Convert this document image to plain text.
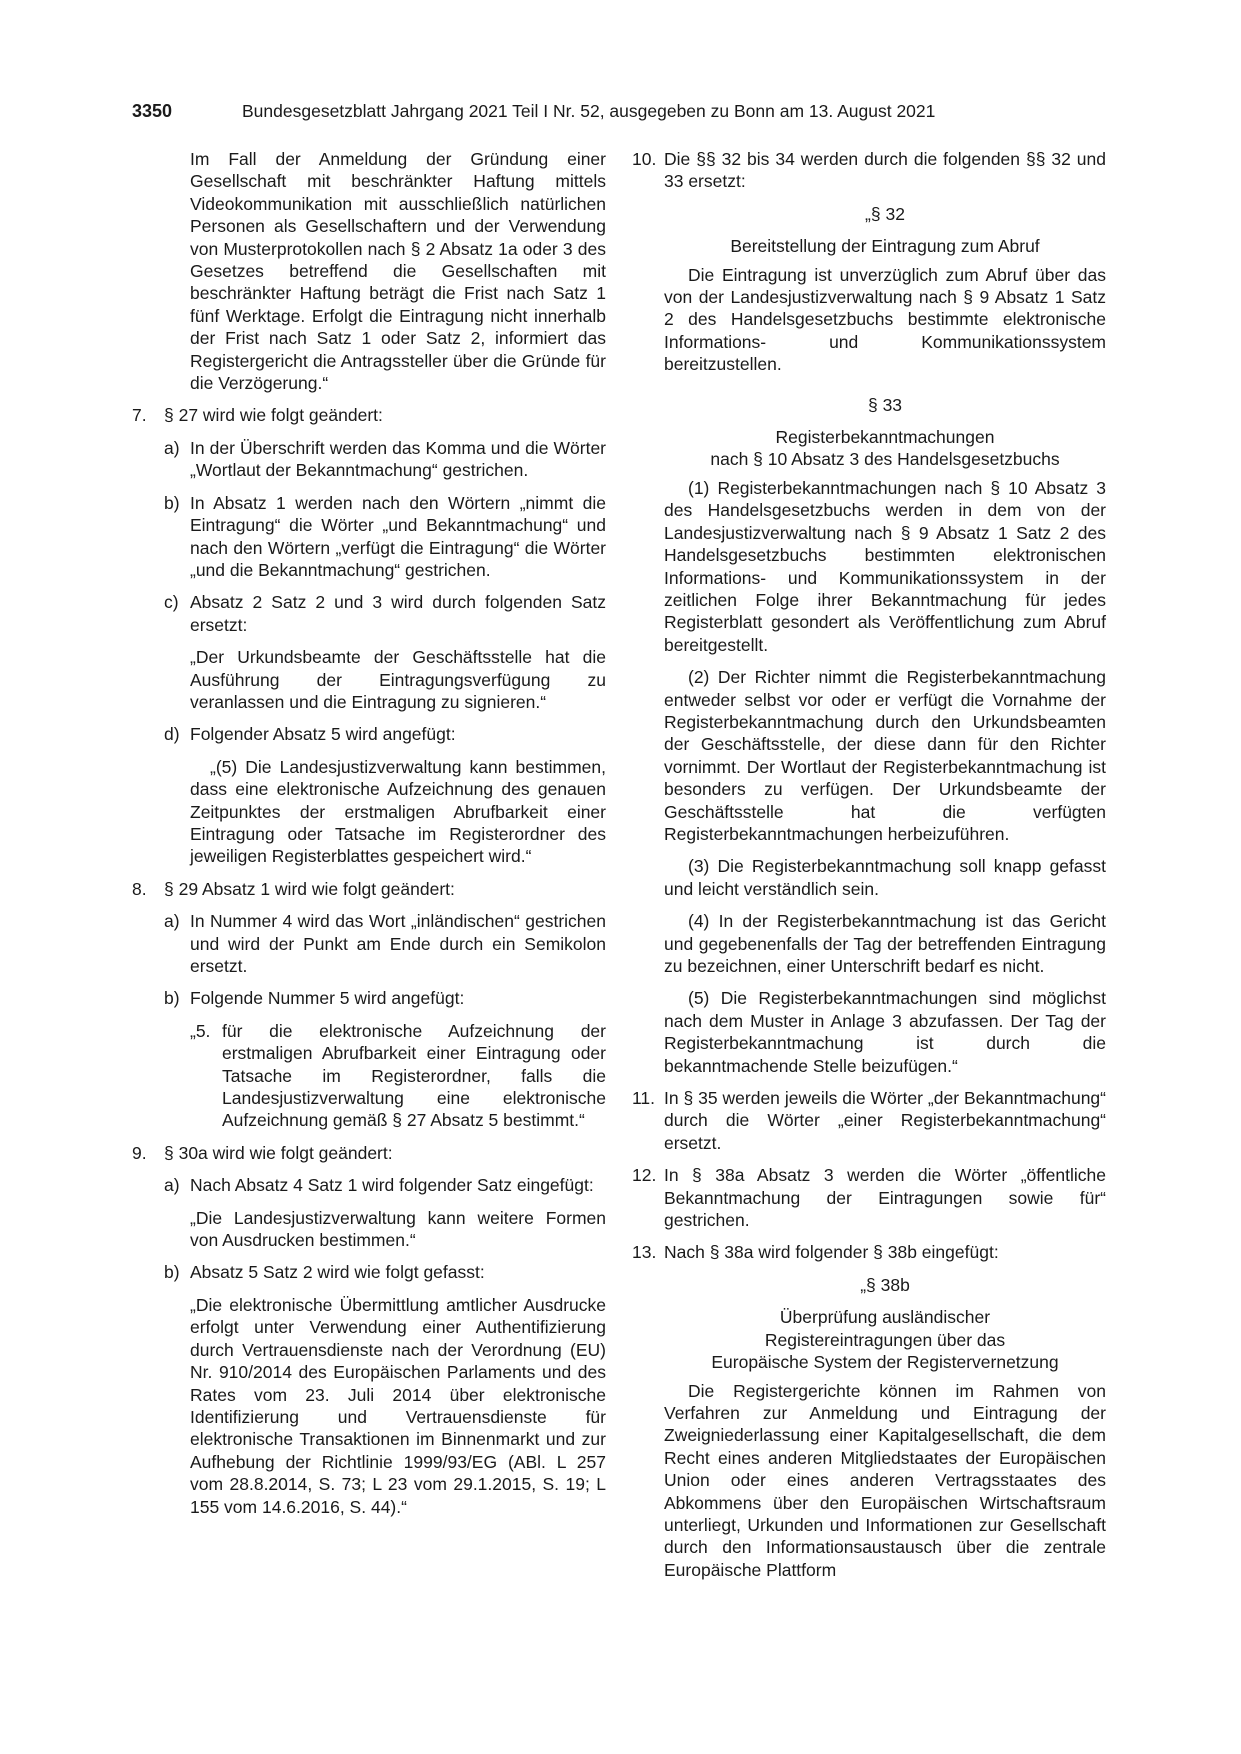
3350	Bundesgesetzblatt Jahrgang 2021 Teil I Nr. 52, ausgegeben zu Bonn am 13. August 2021

Im Fall der Anmeldung der Gründung einer Gesellschaft mit beschränkter Haftung mittels Videokommunikation mit ausschließlich natürlichen Personen als Gesellschaftern und der Verwendung von Musterprotokollen nach § 2 Absatz 1a oder 3 des Gesetzes betreffend die Gesellschaften mit beschränkter Haftung beträgt die Frist nach Satz 1 fünf Werktage. Erfolgt die Eintragung nicht innerhalb der Frist nach Satz 1 oder Satz 2, informiert das Registergericht die Antragssteller über die Gründe für die Verzögerung.“

7. § 27 wird wie folgt geändert:
a) In der Überschrift werden das Komma und die Wörter „Wortlaut der Bekanntmachung“ gestrichen.
b) In Absatz 1 werden nach den Wörtern „nimmt die Eintragung“ die Wörter „und Bekanntmachung“ und nach den Wörtern „verfügt die Eintragung“ die Wörter „und die Bekanntmachung“ gestrichen.
c) Absatz 2 Satz 2 und 3 wird durch folgenden Satz ersetzt:

„Der Urkundsbeamte der Geschäftsstelle hat die Ausführung der Eintragungsverfügung zu veranlassen und die Eintragung zu signieren.“

d) Folgender Absatz 5 wird angefügt:

„(5) Die Landesjustizverwaltung kann bestimmen, dass eine elektronische Aufzeichnung des genauen Zeitpunktes der erstmaligen Abrufbarkeit einer Eintragung oder Tatsache im Registerordner des jeweiligen Registerblattes gespeichert wird.“

8. § 29 Absatz 1 wird wie folgt geändert:
a) In Nummer 4 wird das Wort „inländischen“ gestrichen und wird der Punkt am Ende durch ein Semikolon ersetzt.
b) Folgende Nummer 5 wird angefügt:
„5. für die elektronische Aufzeichnung der erstmaligen Abrufbarkeit einer Eintragung oder Tatsache im Registerordner, falls die Landesjustizverwaltung eine elektronische Aufzeichnung gemäß § 27 Absatz 5 bestimmt.“
9. § 30a wird wie folgt geändert:
a) Nach Absatz 4 Satz 1 wird folgender Satz eingefügt:

„Die Landesjustizverwaltung kann weitere Formen von Ausdrucken bestimmen.“

b) Absatz 5 Satz 2 wird wie folgt gefasst:

„Die elektronische Übermittlung amtlicher Ausdrucke erfolgt unter Verwendung einer Authentifizierung durch Vertrauensdienste nach der Verordnung (EU) Nr. 910/2014 des Europäischen Parlaments und des Rates vom 23. Juli 2014 über elektronische Identifizierung und Vertrauensdienste für elektronische Transaktionen im Binnenmarkt und zur Aufhebung der Richtlinie 1999/93/EG (ABl. L 257 vom 28.8.2014, S. 73; L 23 vom 29.1.2015, S. 19; L 155 vom 14.6.2016, S. 44).“

10. Die §§ 32 bis 34 werden durch die folgenden §§ 32 und 33 ersetzt:

„§ 32

Bereitstellung der Eintragung zum Abruf

Die Eintragung ist unverzüglich zum Abruf über das von der Landesjustizverwaltung nach § 9 Absatz 1 Satz 2 des Handelsgesetzbuchs bestimmte elektronische Informations- und Kommunikationssystem bereitzustellen.

§ 33

Registerbekanntmachungen

nach § 10 Absatz 3 des Handelsgesetzbuchs

(1) Registerbekanntmachungen nach § 10 Absatz 3 des Handelsgesetzbuchs werden in dem von der Landesjustizverwaltung nach § 9 Absatz 1 Satz 2 des Handelsgesetzbuchs bestimmten elektronischen Informations- und Kommunikationssystem in der zeitlichen Folge ihrer Bekanntmachung für jedes Registerblatt gesondert als Veröffentlichung zum Abruf bereitgestellt.

(2) Der Richter nimmt die Registerbekanntmachung entweder selbst vor oder er verfügt die Vornahme der Registerbekanntmachung durch den Urkundsbeamten der Geschäftsstelle, der diese dann für den Richter vornimmt. Der Wortlaut der Registerbekanntmachung ist besonders zu verfügen. Der Urkundsbeamte der Geschäftsstelle hat die verfügten Registerbekanntmachungen herbeizuführen.

(3) Die Registerbekanntmachung soll knapp gefasst und leicht verständlich sein.

(4) In der Registerbekanntmachung ist das Gericht und gegebenenfalls der Tag der betreffenden Eintragung zu bezeichnen, einer Unterschrift bedarf es nicht.

(5) Die Registerbekanntmachungen sind möglichst nach dem Muster in Anlage 3 abzufassen. Der Tag der Registerbekanntmachung ist durch die bekanntmachende Stelle beizufügen.“

11. In § 35 werden jeweils die Wörter „der Bekanntmachung“ durch die Wörter „einer Registerbekanntmachung“ ersetzt.
12. In § 38a Absatz 3 werden die Wörter „öffentliche Bekanntmachung der Eintragungen sowie für“ gestrichen.
13. Nach § 38a wird folgender § 38b eingefügt:

„§ 38b

Überprüfung ausländischer

Registereintragungen über das

Europäische System der Registervernetzung

Die Registergerichte können im Rahmen von Verfahren zur Anmeldung und Eintragung der Zweigniederlassung einer Kapitalgesellschaft, die dem Recht eines anderen Mitgliedstaates der Europäischen Union oder eines anderen Vertragsstaates des Abkommens über den Europäischen Wirtschaftsraum unterliegt, Urkunden und Informationen zur Gesellschaft durch den Informationsaustausch über die zentrale Europäische Plattform
